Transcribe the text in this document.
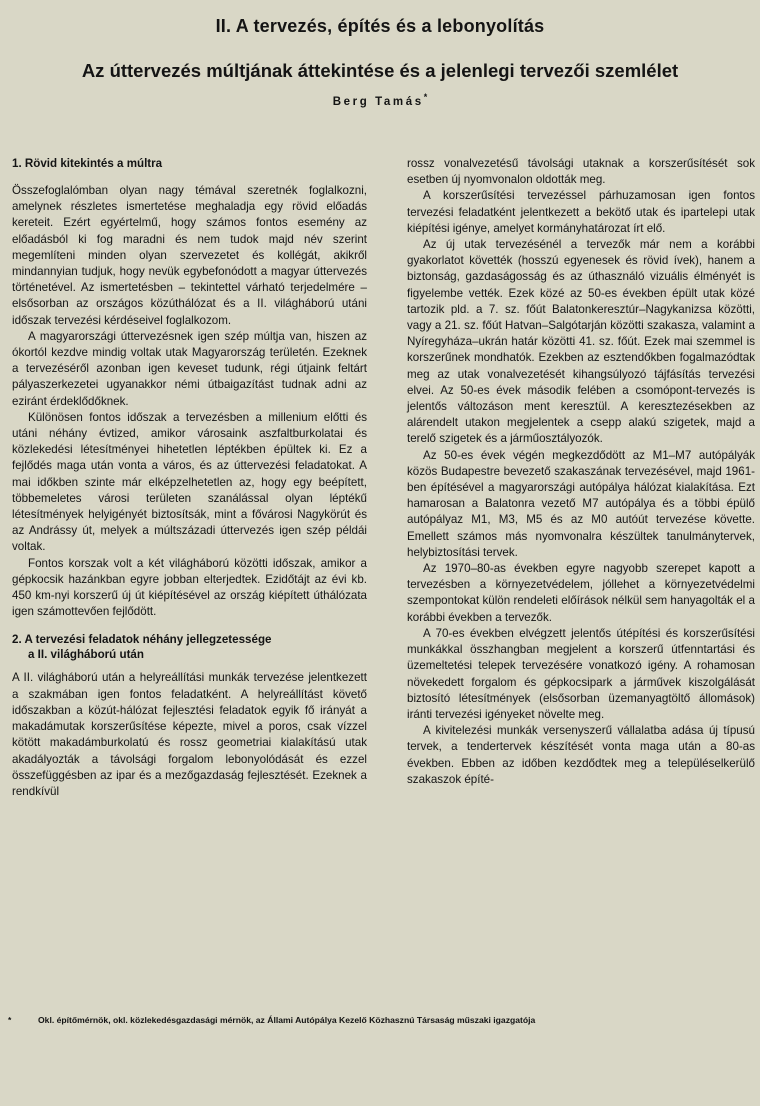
II. A tervezés, építés és a lebonyolítás
Az úttervezés múltjának áttekintése és a jelenlegi tervezői szemlélet
Berg Tamás*
1. Rövid kitekintés a múltra

Összefoglalómban olyan nagy témával szeretnék foglalkozni, amelynek részletes ismertetése meghaladja egy rövid előadás kereteit. Ezért egyértelmű, hogy számos fontos esemény az előadásból ki fog maradni és nem tudok majd név szerint megemlíteni minden olyan szervezetet és kollégát, akikről mindannyian tudjuk, hogy nevük egybefonódott a magyar úttervezés történetével. Az ismertetésben – tekintettel várható terjedelmére – elsősorban az országos közúthálózat és a II. világháború utáni időszak tervezési kérdéseivel foglalkozom.

A magyarországi úttervezésnek igen szép múltja van, hiszen az ókortól kezdve mindig voltak utak Magyarország területén. Ezeknek a tervezéséről azonban igen keveset tudunk, régi útjaink feltárt pályaszerkezetei ugyanakkor némi útbaigazítást tudnak adni az eziránt érdeklődőknek.

Különösen fontos időszak a tervezésben a millenium előtti és utáni néhány évtized, amikor városaink aszfaltburkolatai és közlekedési létesítményei hihetetlen léptékben épültek ki. Ez a fejlődés maga után vonta a város, és az úttervezési feladatokat. A mai időkben szinte már elképzelhetetlen az, hogy egy beépített, többemeletes városi területen szanálással olyan léptékű létesítmények helyigényét biztosítsák, mint a fővárosi Nagykörút és az Andrássy út, melyek a múltszázadi úttervezés igen szép példái voltak.

Fontos korszak volt a két világháború közötti időszak, amikor a gépkocsik hazánkban egyre jobban elterjedtek. Ezidőtájt az évi kb. 450 km-nyi korszerű új út kiépítésével az ország kiépített úthálózata igen számottevően fejlődött.

2. A tervezési feladatok néhány jellegzetessége
a II. világháború után

A II. világháború után a helyreállítási munkák tervezése jelentkezett a szakmában igen fontos feladatként. A helyreállítást követő időszakban a közút-hálózat fejlesztési feladatok egyik fő irányát a makadámutak korszerűsítése képezte, mivel a poros, csak vízzel kötött makadámburkolatú és rossz geometriai kialakítású utak akadályozták a távolsági forgalom lebonyolódását és ezzel összefüggésben az ipar és a mezőgazdaság fejlesztését. Ezeknek a rendkívül

rossz vonalvezetésű távolsági utaknak a korszerűsítését sok esetben új nyomvonalon oldották meg.

A korszerűsítési tervezéssel párhuzamosan igen fontos tervezési feladatként jelentkezett a bekötő utak és ipartelepi utak kiépítési igénye, amelyet kormányhatározat írt elő.

Az új utak tervezésénél a tervezők már nem a korábbi gyakorlatot követték (hosszú egyenesek és rövid ívek), hanem a biztonság, gazdaságosság és az úthasználó vizuális élményét is figyelembe vették. Ezek közé az 50-es években épült utak közé tartozik pld. a 7. sz. főút Balatonkeresztúr–Nagykanizsa közötti, vagy a 21. sz. főút Hatvan–Salgótarján közötti szakasza, valamint a Nyíregyháza–ukrán határ közötti 41. sz. főút. Ezek mai szemmel is korszerűnek mondhatók. Ezekben az esztendőkben fogalmazódtak meg az utak vonalvezetését kihangsúlyozó tájfásítás tervezési elvei. Az 50-es évek második felében a csomópont-tervezés is jelentős változáson ment keresztül. A keresztezésekben az alárendelt utakon megjelentek a csepp alakú szigetek, majd a terelő szigetek és a járműosztályozók.

Az 50-es évek végén megkezdődött az M1–M7 autópályák közös Budapestre bevezető szakaszának tervezésével, majd 1961-ben építésével a magyarországi autópálya hálózat kialakítása. Ezt hamarosan a Balatonra vezető M7 autópálya és a többi épülő autópályaz M1, M3, M5 és az M0 autóút tervezése követte. Emellett számos más nyomvonalra készültek tanulmánytervek, helybiztosítási tervek.

Az 1970–80-as években egyre nagyobb szerepet kapott a tervezésben a környezetvédelem, jóllehet a környezetvédelmi szempontokat külön rendeleti előírások nélkül sem hanyagolták el a korábbi években a tervezők.

A 70-es években elvégzett jelentős útépítési és korszerűsítési munkákkal összhangban megjelent a korszerű útfenntartási és üzemeltetési telepek tervezésére vonatkozó igény. A rohamosan növekedett forgalom és gépkocsipark a járművek kiszolgálását biztosító létesítmények (elsősorban üzemanyagtöltő állomások) iránti tervezési igényeket növelte meg.

A kivitelezési munkák versenyszerű vállalatba adása új típusú tervek, a tendertervek készítését vonta maga után a 80-as években. Ebben az időben kezdődtek meg a településelkerülő szakaszok építé-

*	Okl. építőmérnök, okl. közlekedésgazdasági mérnök, az Állami Autópálya Kezelő Közhasznú Társaság műszaki igazgatója
